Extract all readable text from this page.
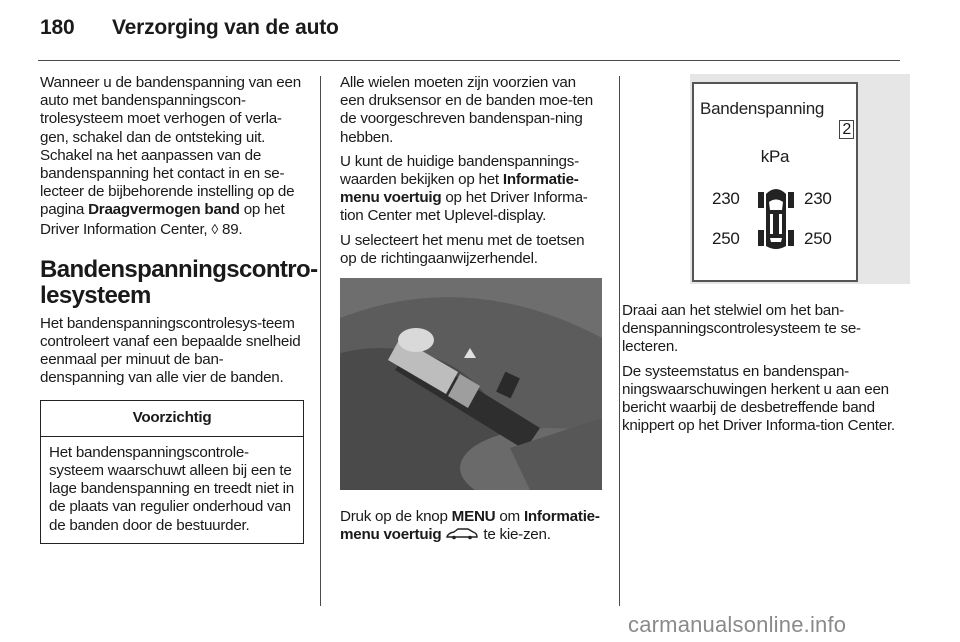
180 Verzorging van de auto

Wanneer u de bandenspanning van een auto met bandenspanningscon-trolesysteem moet verhogen of verla-gen, schakel dan de ontsteking uit. Schakel na het aanpassen van de bandenspanning het contact in en se-lecteer de bijbehorende instelling op de pagina Draagvermogen band op het Driver Information Center, ◊ 89.

Bandenspanningscontro-lesysteem

Het bandenspanningscontrolesys-teem controleert vanaf een bepaalde snelheid eenmaal per minuut de ban-denspanning van alle vier de banden.

Voorzichtig
Het bandenspanningscontrole-systeem waarschuwt alleen bij een te lage bandenspanning en treedt niet in de plaats van regulier onderhoud van de banden door de bestuurder.

Alle wielen moeten zijn voorzien van een druksensor en de banden moe-ten de voorgeschreven bandenspan-ning hebben.

U kunt de huidige bandenspannings-waarden bekijken op het Informatie-menu voertuig op het Driver Informa-tion Center met Uplevel-display.

U selecteert het menu met de toetsen op de richtingaanwijzerhendel.

Druk op de knop MENU om Informatie- menu voertuig  te kie-zen.

Bandenspanning
2
kPa
230	230
250	250

Draai aan het stelwiel om het ban-denspanningscontrolesysteem te se-lecteren.

De systeemstatus en bandenspan-ningswaarschuwingen herkent u aan een bericht waarbij de desbetreffende band knippert op het Driver Informa-tion Center.

carmanualsonline.info
